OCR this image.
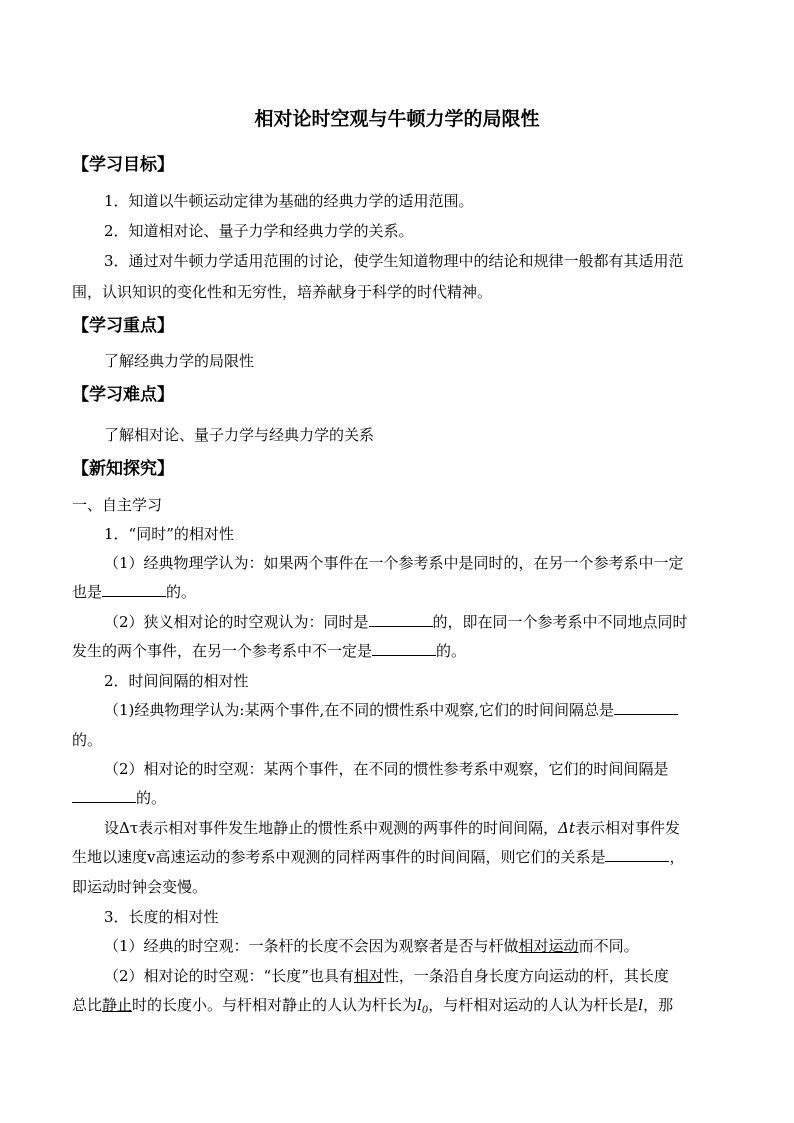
相对论时空观与牛顿力学的局限性
【学习目标】
1．知道以牛顿运动定律为基础的经典力学的适用范围。
2．知道相对论、量子力学和经典力学的关系。
3．通过对牛顿力学适用范围的讨论，使学生知道物理中的结论和规律一般都有其适用范
围，认识知识的变化性和无穷性，培养献身于科学的时代精神。
【学习重点】
了解经典力学的局限性
【学习难点】
了解相对论、量子力学与经典力学的关系
【新知探究】
一、自主学习
1．“同时”的相对性
（1）经典物理学认为：如果两个事件在一个参考系中是同时的，在另一个参考系中一定
也是	的。
（2）狭义相对论的时空观认为：同时是	的，即在同一个参考系中不同地点同时
发生的两个事件，在另一个参考系中不一定是	的。
2．时间间隔的相对性
（1)经典物理学认为:某两个事件,在不同的惯性系中观察,它们的时间间隔总是
的。
（2）相对论的时空观：某两个事件，在不同的惯性参考系中观察，它们的时间间隔是
的。
设Δτ表示相对事件发生地静止的惯性系中观测的两事件的时间间隔，Δt表示相对事件发
生地以速度v高速运动的参考系中观测的同样两事件的时间间隔，则它们的关系是	，
即运动时钟会变慢。
3．长度的相对性
（1）经典的时空观：一条杆的长度不会因为观察者是否与杆做相对运动而不同。
（2）相对论的时空观：“长度”也具有相对性，一条沿自身长度方向运动的杆，其长度
总比静止时的长度小。与杆相对静止的人认为杆长为$l_0$，与杆相对运动的人认为杆长是l，那
